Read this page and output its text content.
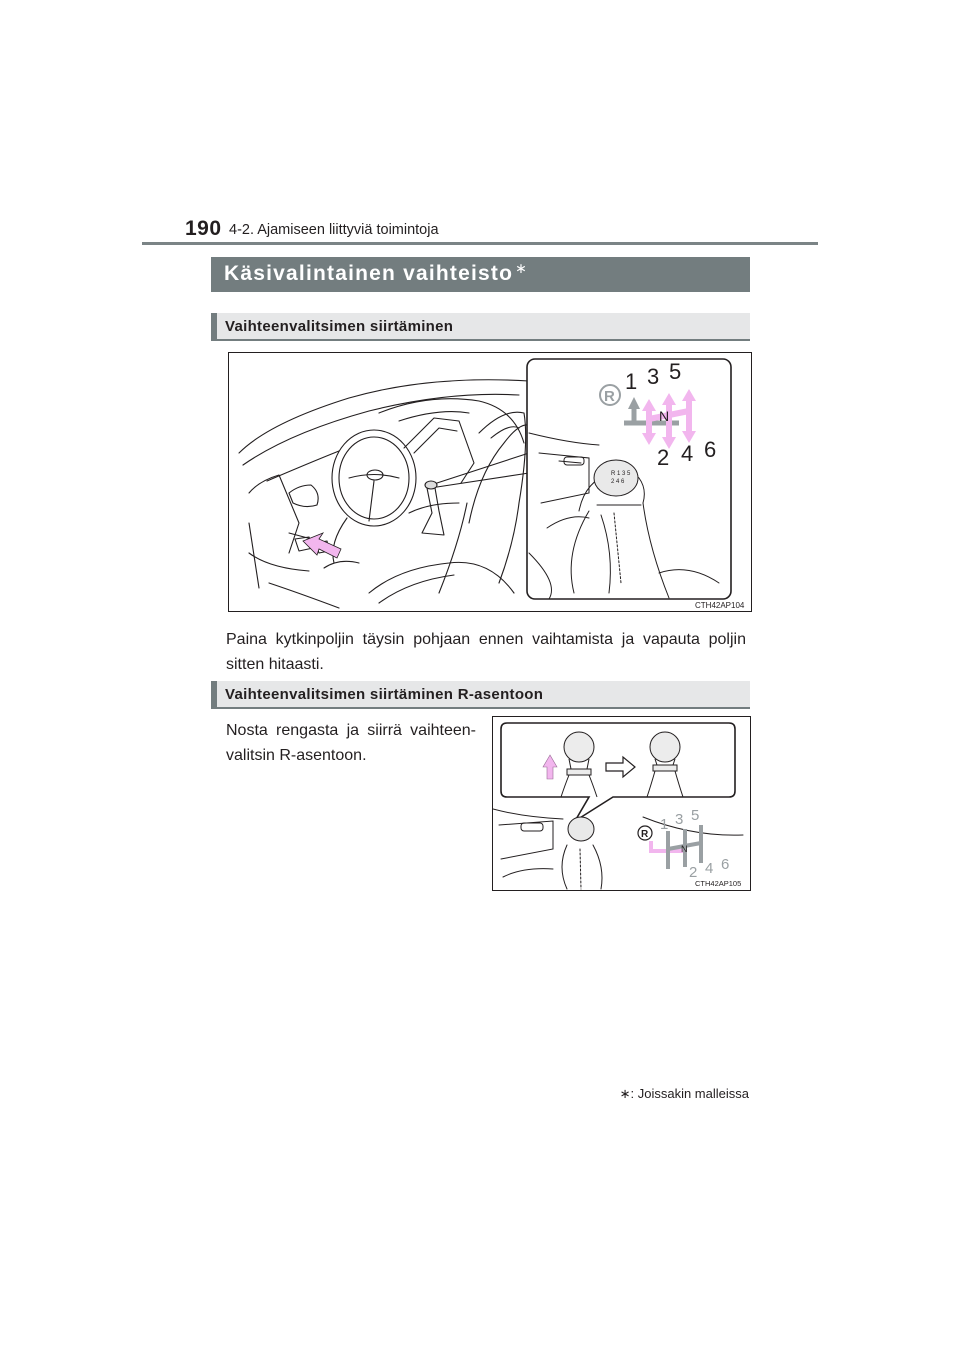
190 4-2. Ajamiseen liittyviä toimintoja
Käsivalintainen vaihteisto ∗
Vaihteenvalitsimen siirtäminen
R 1 3 5
2 4 6
R
1 3 5
N
2 4 6
CTH42AP104
Paina kytkinpoljin täysin pohjaan ennen vaihtamista ja vapauta poljin sitten hitaasti.
Vaihteenvalitsimen siirtäminen R-asentoon
Nosta rengasta ja siirrä vaihteen-valitsin R-asentoon.
R
1 3 5
N
2 4 6
CTH42AP105
∗: Joissakin malleissa
